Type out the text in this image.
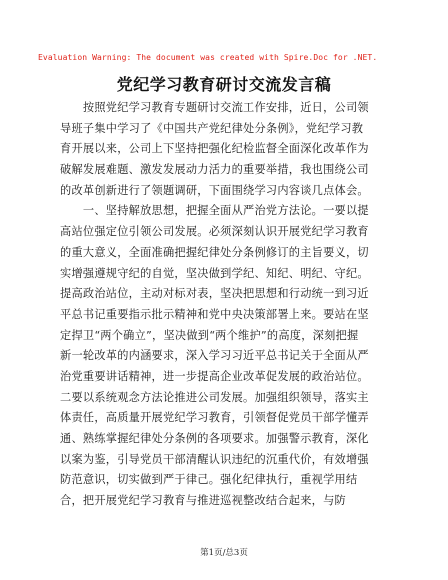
Evaluation Warning: The document was created with Spire.Doc for .NET.
党纪学习教育研讨交流发言稿
　　按照党纪学习教育专题研讨交流工作安排，近日，公司领
导班子集中学习了《中国共产党纪律处分条例》，党纪学习教
育开展以来，公司上下坚持把强化纪检监督全面深化改革作为
破解发展难题、激发发展动力活力的重要举措，我也围绕公司
的改革创新进行了领题调研，下面围绕学习内容谈几点体会。
　　一、坚持解放思想，把握全面从严治党方法论。一要以提
高站位强定位引领公司发展。必须深刻认识开展党纪学习教育
的重大意义，全面准确把握纪律处分条例修订的主旨要义，切
实增强遵规守纪的自觉，坚决做到学纪、知纪、明纪、守纪。
提高政治站位，主动对标对表，坚决把思想和行动统一到习近
平总书记重要指示批示精神和党中央决策部署上来。要站在坚
定捍卫“两个确立”，坚决做到“两个维护”的高度，深刻把握
新一轮改革的内涵要求，深入学习习近平总书记关于全面从严
治党重要讲话精神，进一步提高企业改革促发展的政治站位。
二要以系统观念方法论推进公司发展。加强组织领导，落实主
体责任，高质量开展党纪学习教育，引领督促党员干部学懂弄
通、熟练掌握纪律处分条例的各项要求。加强警示教育，深化
以案为鉴，引导党员干部清醒认识违纪的沉重代价，有效增强
防范意识，切实做到严于律己。强化纪律执行，重视学用结
合，把开展党纪学习教育与推进巡视整改结合起来，与防
第1页/总3页
